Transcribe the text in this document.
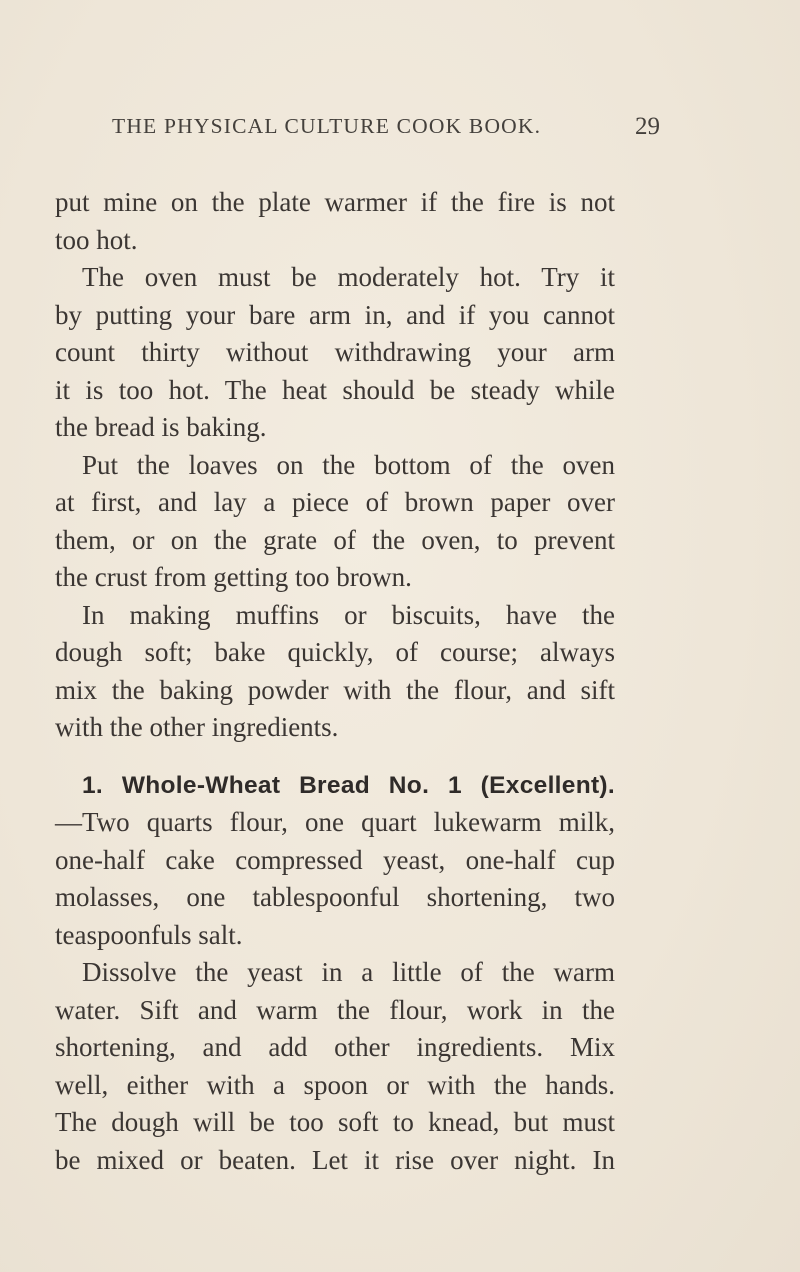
THE PHYSICAL CULTURE COOK BOOK.	29
put mine on the plate warmer if the fire is not
too hot.
The oven must be moderately hot. Try it
by putting your bare arm in, and if you cannot
count thirty without withdrawing your arm
it is too hot. The heat should be steady while
the bread is baking.
Put the loaves on the bottom of the oven
at first, and lay a piece of brown paper over
them, or on the grate of the oven, to prevent
the crust from getting too brown.
In making muffins or biscuits, have the
dough soft; bake quickly, of course; always
mix the baking powder with the flour, and sift
with the other ingredients.
1. Whole-Wheat Bread No. 1 (Excellent).
—Two quarts flour, one quart lukewarm milk,
one-half cake compressed yeast, one-half cup
molasses, one tablespoonful shortening, two
teaspoonfuls salt.
Dissolve the yeast in a little of the warm
water. Sift and warm the flour, work in the
shortening, and add other ingredients. Mix
well, either with a spoon or with the hands.
The dough will be too soft to knead, but must
be mixed or beaten. Let it rise over night. In
